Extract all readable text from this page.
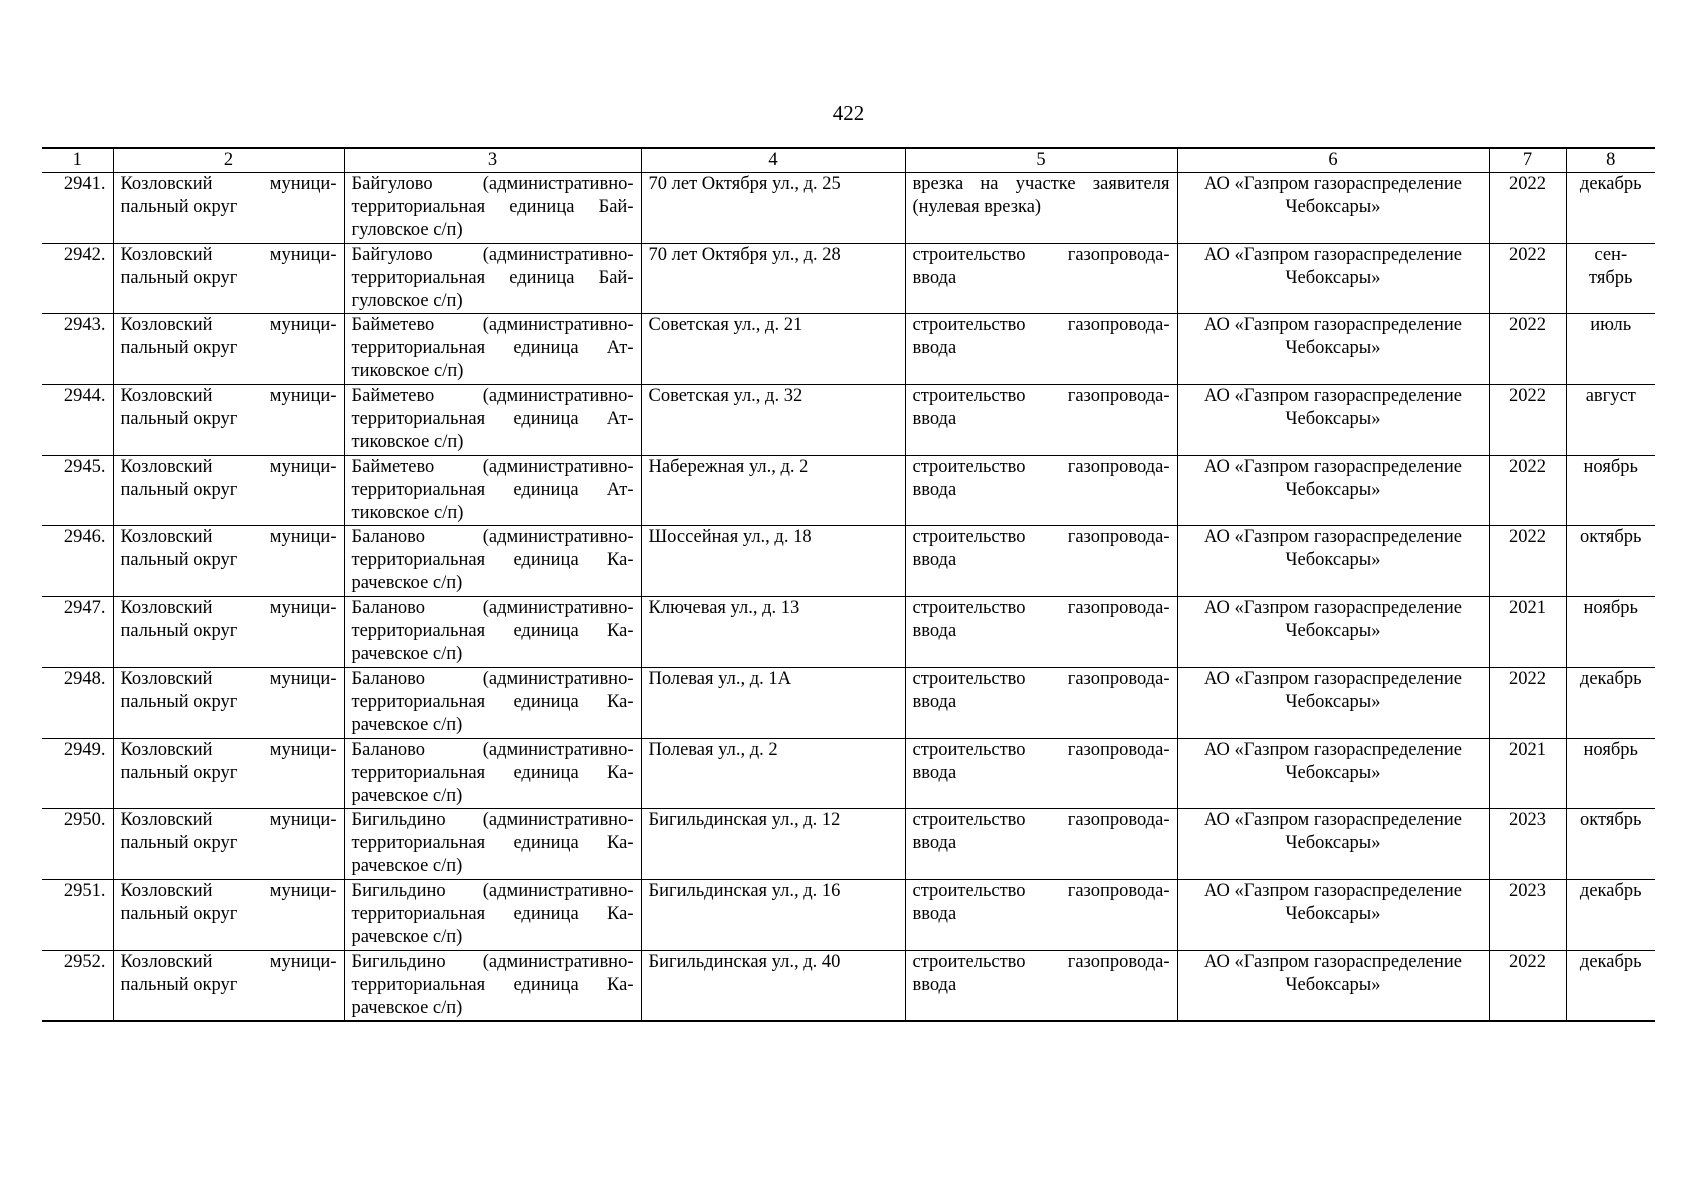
422
1	2	3	4	5	6	7	8
2941.	Козловский муници-пальный округ	Байгулово (административно-территориальная единица Бай-гуловское с/п)	70 лет Октября ул., д. 25	врезка на участке заявителя (нулевая врезка)	АО «Газпром газораспределение Чебоксары»	2022	декабрь
2942.	Козловский муници-пальный округ	Байгулово (административно-территориальная единица Бай-гуловское с/п)	70 лет Октября ул., д. 28	строительство газопровода-ввода	АО «Газпром газораспределение Чебоксары»	2022	сен-тябрь
2943.	Козловский муници-пальный округ	Байметево (административно-территориальная единица Ат-тиковское с/п)	Советская ул., д. 21	строительство газопровода-ввода	АО «Газпром газораспределение Чебоксары»	2022	июль
2944.	Козловский муници-пальный округ	Байметево (административно-территориальная единица Ат-тиковское с/п)	Советская ул., д. 32	строительство газопровода-ввода	АО «Газпром газораспределение Чебоксары»	2022	август
2945.	Козловский муници-пальный округ	Байметево (административно-территориальная единица Ат-тиковское с/п)	Набережная ул., д. 2	строительство газопровода-ввода	АО «Газпром газораспределение Чебоксары»	2022	ноябрь
2946.	Козловский муници-пальный округ	Баланово (административно-территориальная единица Ка-рачевское с/п)	Шоссейная ул., д. 18	строительство газопровода-ввода	АО «Газпром газораспределение Чебоксары»	2022	октябрь
2947.	Козловский муници-пальный округ	Баланово (административно-территориальная единица Ка-рачевское с/п)	Ключевая ул., д. 13	строительство газопровода-ввода	АО «Газпром газораспределение Чебоксары»	2021	ноябрь
2948.	Козловский муници-пальный округ	Баланово (административно-территориальная единица Ка-рачевское с/п)	Полевая ул., д. 1А	строительство газопровода-ввода	АО «Газпром газораспределение Чебоксары»	2022	декабрь
2949.	Козловский муници-пальный округ	Баланово (административно-территориальная единица Ка-рачевское с/п)	Полевая ул., д. 2	строительство газопровода-ввода	АО «Газпром газораспределение Чебоксары»	2021	ноябрь
2950.	Козловский муници-пальный округ	Бигильдино (административно-территориальная единица Ка-рачевское с/п)	Бигильдинская ул., д. 12	строительство газопровода-ввода	АО «Газпром газораспределение Чебоксары»	2023	октябрь
2951.	Козловский муници-пальный округ	Бигильдино (административно-территориальная единица Ка-рачевское с/п)	Бигильдинская ул., д. 16	строительство газопровода-ввода	АО «Газпром газораспределение Чебоксары»	2023	декабрь
2952.	Козловский муници-пальный округ	Бигильдино (административно-территориальная единица Ка-рачевское с/п)	Бигильдинская ул., д. 40	строительство газопровода-ввода	АО «Газпром газораспределение Чебоксары»	2022	декабрь
